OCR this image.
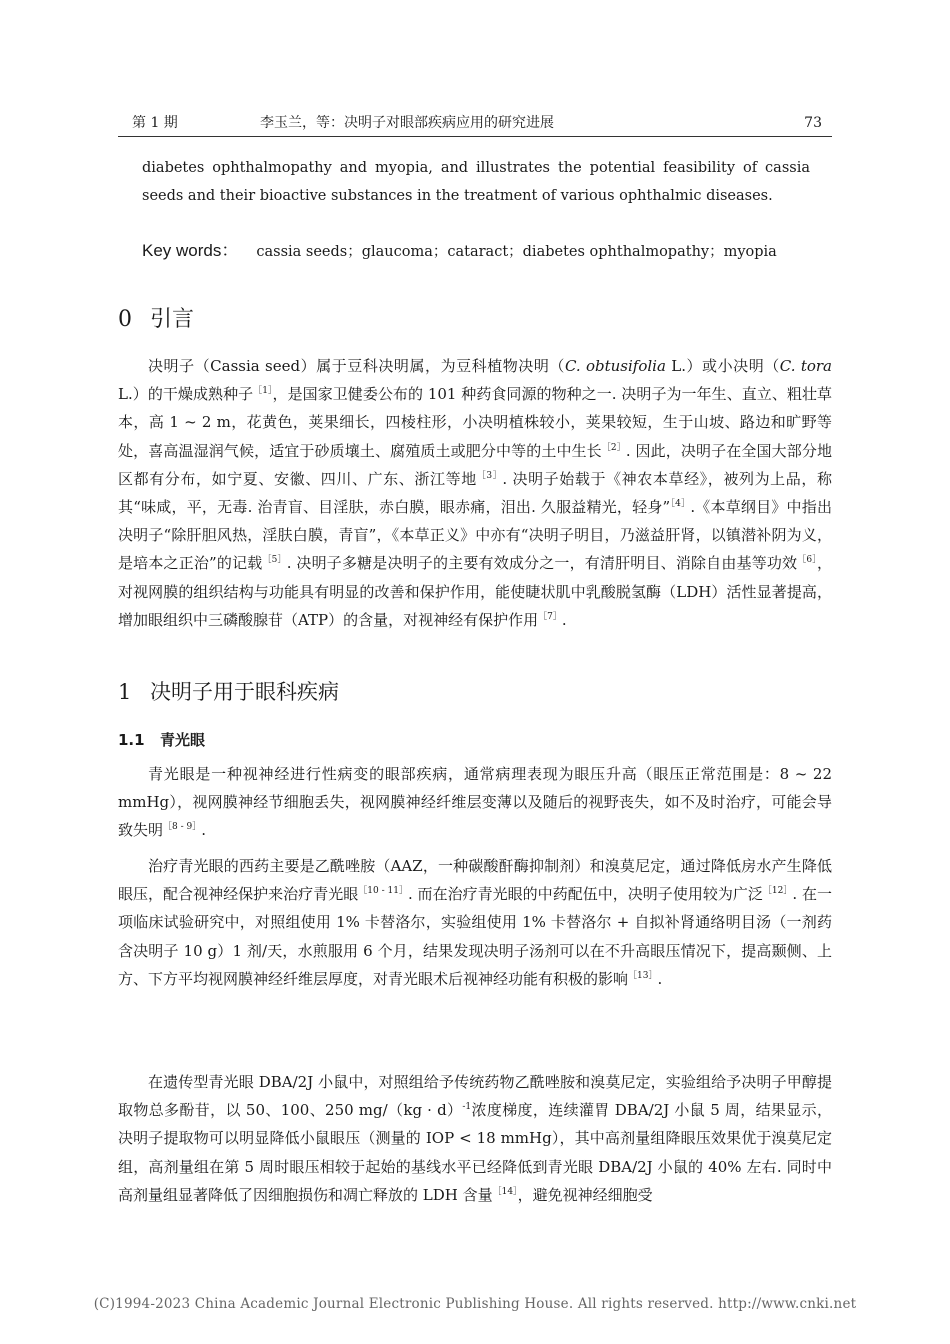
第 1 期	李玉兰，等：决明子对眼部疾病应用的研究进展	73

diabetes ophthalmopathy and myopia, and illustrates the potential feasibility of cassia seeds and their bioactive substances in the treatment of various ophthalmic diseases.

Key words： cassia seeds；glaucoma；cataract；diabetes ophthalmopathy；myopia
0 引言

决明子（Cassia seed）属于豆科决明属，为豆科植物决明（C. obtusifolia L.）或小决明（C. tora L.）的干燥成熟种子$^{[1]}$，是国家卫健委公布的 101 种药食同源的物种之一. 决明子为一年生、直立、粗壮草本，高 1 ~ 2 m，花黄色，荚果细长，四棱柱形，小决明植株较小，荚果较短，生于山坡、路边和旷野等处，喜高温湿润气候，适宜于砂质壤土、腐殖质土或肥分中等的土中生长$^{[2]}$. 因此，决明子在全国大部分地区都有分布，如宁夏、安徽、四川、广东、浙江等地$^{[3]}$. 决明子始载于《神农本草经》，被列为上品，称其“味咸，平，无毒. 治青盲、目淫肤，赤白膜，眼赤痛，泪出. 久服益精光，轻身”$^{[4]}$.《本草纲目》中指出决明子“除肝胆风热，淫肤白膜，青盲”，《本草正义》中亦有“决明子明目，乃滋益肝肾，以镇潜补阴为义，是培本之正治”的记载$^{[5]}$. 决明子多糖是决明子的主要有效成分之一，有清肝明目、消除自由基等功效$^{[6]}$，对视网膜的组织结构与功能具有明显的改善和保护作用，能使睫状肌中乳酸脱氢酶（LDH）活性显著提高，增加眼组织中三磷酸腺苷（ATP）的含量，对视神经有保护作用$^{[7]}$.

1 决明子用于眼科疾病
1.1 青光眼

青光眼是一种视神经进行性病变的眼部疾病，通常病理表现为眼压升高（眼压正常范围是：8 ~ 22 mmHg），视网膜神经节细胞丢失，视网膜神经纤维层变薄以及随后的视野丧失，如不及时治疗，可能会导致失明$^{[8 - 9]}$.

治疗青光眼的西药主要是乙酰唑胺（AAZ，一种碳酸酐酶抑制剂）和溴莫尼定，通过降低房水产生降低眼压，配合视神经保护来治疗青光眼$^{[10 - 11]}$. 而在治疗青光眼的中药配伍中，决明子使用较为广泛$^{[12]}$. 在一项临床试验研究中，对照组使用 1% 卡替洛尔，实验组使用 1% 卡替洛尔 + 自拟补肾通络明目汤（一剂药含决明子 10 g）1 剂/天，水煎服用 6 个月，结果发现决明子汤剂可以在不升高眼压情况下，提高颞侧、上方、下方平均视网膜神经纤维层厚度，对青光眼术后视神经功能有积极的影响$^{[13]}$.

在遗传型青光眼 DBA/2J 小鼠中，对照组给予传统药物乙酰唑胺和溴莫尼定，实验组给予决明子甲醇提取物总多酚苷，以 50、100、250 mg/（kg · d）$^{-1}$浓度梯度，连续灌胃 DBA/2J 小鼠 5 周，结果显示，决明子提取物可以明显降低小鼠眼压（测量的 IOP < 18 mmHg），其中高剂量组降眼压效果优于溴莫尼定组，高剂量组在第 5 周时眼压相较于起始的基线水平已经降低到青光眼 DBA/2J 小鼠的 40% 左右. 同时中高剂量组显著降低了因细胞损伤和凋亡释放的 LDH 含量$^{[14]}$，避免视神经细胞受

(C)1994-2023 China Academic Journal Electronic Publishing House. All rights reserved. http://www.cnki.net
